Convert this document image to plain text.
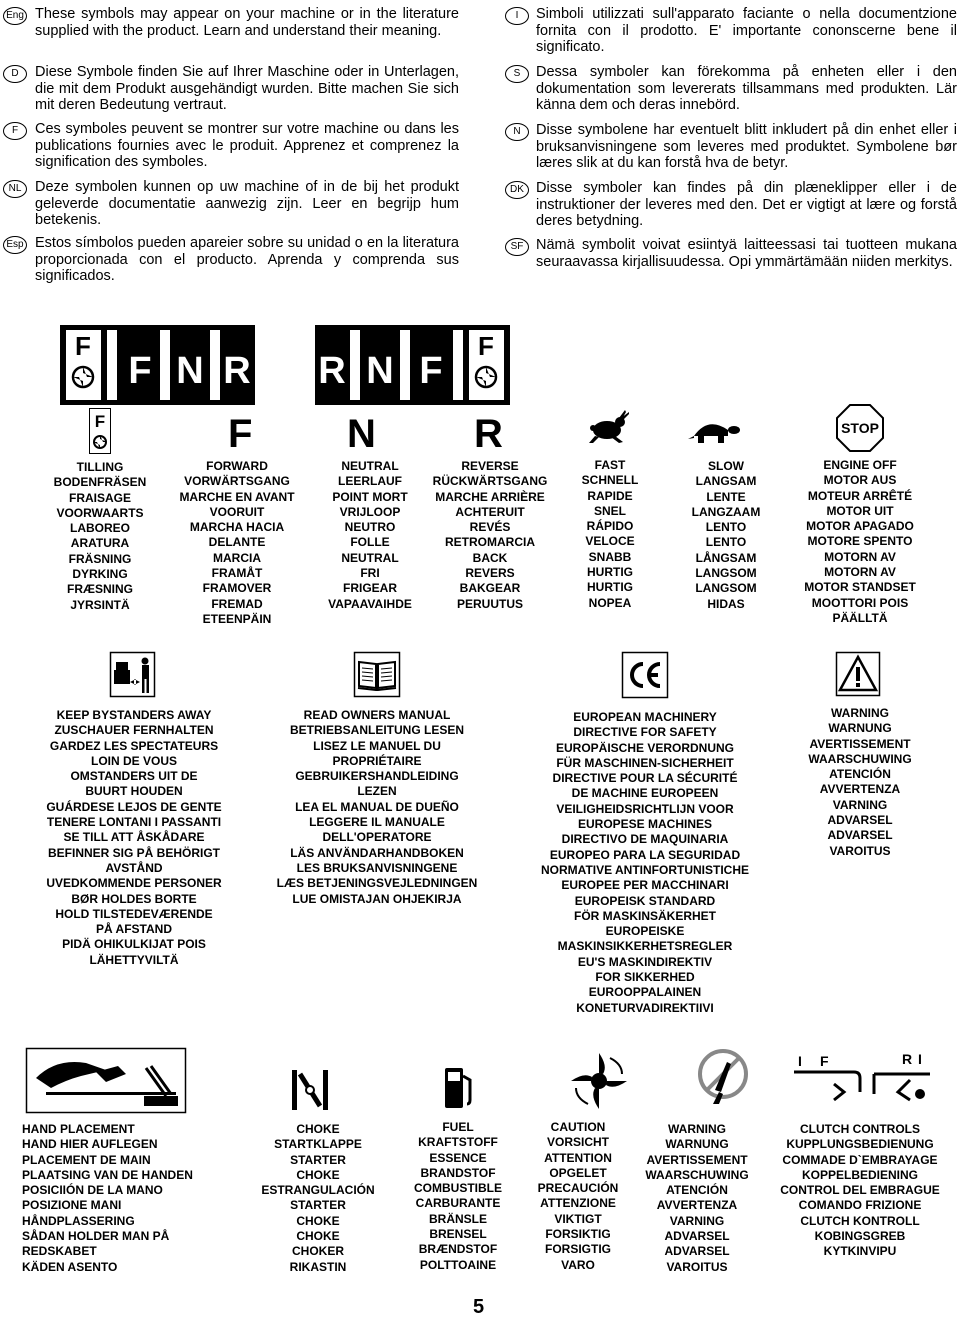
Eng These symbols may appear on your machine or in the literature supplied with the product. Learn and understand their meaning.
D	Diese Symbole finden Sie auf Ihrer Maschine oder in Unterlagen, die mit dem Produkt ausgehändigt wurden. Bitte machen Sie sich mit deren Bedeutung vertraut.
F	Ces symboles peuvent se montrer sur votre machine ou dans les publications fournies avec le produit. Apprenez et comprenez la signification des symboles.
NL Deze symbolen kunnen op uw machine of in de bij het produkt geleverde documentatie aanwezig zijn. Leer en begrijp hum betekenis.
Esp Estos símbolos pueden apareier sobre su unidad o en la literatura proporcionada con el producto. Aprenda y comprenda sus significados.
I	Simboli utilizzati sull'apparato faciante o nella documentzione fornita con il prodotto. E' importante cononscerne bene il significato.
S	Dessa symboler kan förekomma på enheten eller i den dokumentation som levererats tillsammans med produkten. Lär känna dem och deras innebörd.
N	Disse symbolene har eventuelt blitt inkludert på din enhet eller i bruksanvisningene som leveres med produktet. Symbolene bør læres slik at du kan forstå hva de betyr.
DK Disse symboler kan findes på din plæneklipper eller i de instruktioner der leveres med den. Det er vigtigt at lære og forstå deres betydning.
SF Nämä symbolit voivat esiintyä laitteessasi tai tuotteen mukana seuraavassa kirjallisuudessa. Opi ymmärtämään niiden merkitys.
F
F N R R N F
F
F	F N R	STOP
TILLING
BODENFRÄSEN
FRAISAGE
VOORWAARTS
LABOREO
ARATURA
FRÄSNING
DYRKING
FRÆSNING
JYRSINTÄ
FORWARD
VORWÄRTSGANG
MARCHE EN AVANT
VOORUIT
MARCHA HACIA
DELANTE
MARCIA
FRAMÅT
FRAMOVER
FREMAD
ETEENPÄIN
NEUTRAL
LEERLAUF
POINT MORT
VRIJLOOP
NEUTRO
FOLLE
NEUTRAL
FRI
FRIGEAR
VAPAAVAIHDE
REVERSE
RÜCKWÄRTSGANG
MARCHE ARRIÈRE
ACHTERUIT
REVÉS
RETROMARCIA
BACK
REVERS
BAKGEAR
PERUUTUS
FAST
SCHNELL
RAPIDE
SNEL
RÁPIDO
VELOCE
SNABB
HURTIG
HURTIG
NOPEA
SLOW
LANGSAM
LENTE
LANGZAAM
LENTO
LENTO
LÅNGSAM
LANGSOM
LANGSOM
HIDAS
ENGINE OFF
MOTOR AUS
MOTEUR ARRÊTÉ
MOTOR UIT
MOTOR APAGADO
MOTORE SPENTO
MOTORN AV
MOTORN AV
MOTOR STANDSET
MOOTTORI POIS
PÄÄLLTÄ
KEEP BYSTANDERS AWAY
ZUSCHAUER FERNHALTEN
GARDEZ LES SPECTATEURS
LOIN DE VOUS
OMSTANDERS UIT DE
BUURT HOUDEN
GUÁRDESE LEJOS DE GENTE
TENERE LONTANI I PASSANTI
SE TILL ATT ÅSKÅDARE
BEFINNER SIG PÅ BEHÖRIGT
AVSTÅND
UVEDKOMMENDE PERSONER
BØR HOLDES BORTE
HOLD TILSTEDEVÆRENDE
PÅ AFSTAND
PIDÄ OHIKULKIJAT POIS
LÄHETTYVILTÄ
READ OWNERS MANUAL
BETRIEBSANLEITUNG LESEN
LISEZ LE MANUEL DU
PROPRIÉTAIRE
GEBRUIKERSHANDLEIDING
LEZEN
LEA EL MANUAL DE DUEÑO
LEGGERE IL MANUALE
DELL'OPERATORE
LÄS ANVÄNDARHANDBOKEN
LES BRUKSANVISNINGENE
LÆS BETJENINGSVEJLEDNINGEN
LUE OMISTAJAN OHJEKIRJA
EUROPEAN MACHINERY
DIRECTIVE FOR SAFETY
EUROPÄISCHE VERORDNUNG
FÜR MASCHINEN-SICHERHEIT
DIRECTIVE POUR LA SÉCURITÉ
DE MACHINE EUROPEEN
VEILIGHEIDSRICHTLIJN VOOR
EUROPESE MACHINES
DIRECTIVO DE MAQUINARIA
EUROPEO PARA LA SEGURIDAD
NORMATIVE ANTINFORTUNISTICHE
EUROPEE PER MACCHINARI
EUROPEISK STANDARD
FÖR MASKINSÄKERHET
EUROPEISKE
MASKINSIKKERHETSREGLER
EU'S MASKINDIREKTIV
FOR SIKKERHED
EUROOPPALAINEN
KONETURVADIREKTIIVI
WARNING
WARNUNG
AVERTISSEMENT
WAARSCHUWING
ATENCIÓN
AVVERTENZA
VARNING
ADVARSEL
ADVARSEL
VAROITUS
I F	R I
HAND PLACEMENT
HAND HIER AUFLEGEN
PLACEMENT DE MAIN
PLAATSING VAN DE HANDEN
POSICIIÓN DE LA MANO
POSIZIONE MANI
HÅNDPLASSERING
SÅDAN HOLDER MAN PÅ
REDSKABET
KÄDEN ASENTO
CHOKE
STARTKLAPPE
STARTER
CHOKE
ESTRANGULACIÓN
STARTER
CHOKE
CHOKE
CHOKER
RIKASTIN
FUEL
KRAFTSTOFF
ESSENCE
BRANDSTOF
COMBUSTIBLE
CARBURANTE
BRÄNSLE
BRENSEL
BRÆNDSTOF
POLTTOAINE
CAUTION
VORSICHT
ATTENTION
OPGELET
PRECAUCIÓN
ATTENZIONE
VIKTIGT
FORSIKTIG
FORSIGTIG
VARO
WARNING
WARNUNG
AVERTISSEMENT
WAARSCHUWING
ATENCIÓN
AVVERTENZA
VARNING
ADVARSEL
ADVARSEL
VAROITUS
CLUTCH CONTROLS
KUPPLUNGSBEDIENUNG
COMMADE D`EMBRAYAGE
KOPPELBEDIENING
CONTROL DEL EMBRAGUE
COMANDO FRIZIONE
CLUTCH KONTROLL
KOBINGSGREB
KYTKINVIPU
5
